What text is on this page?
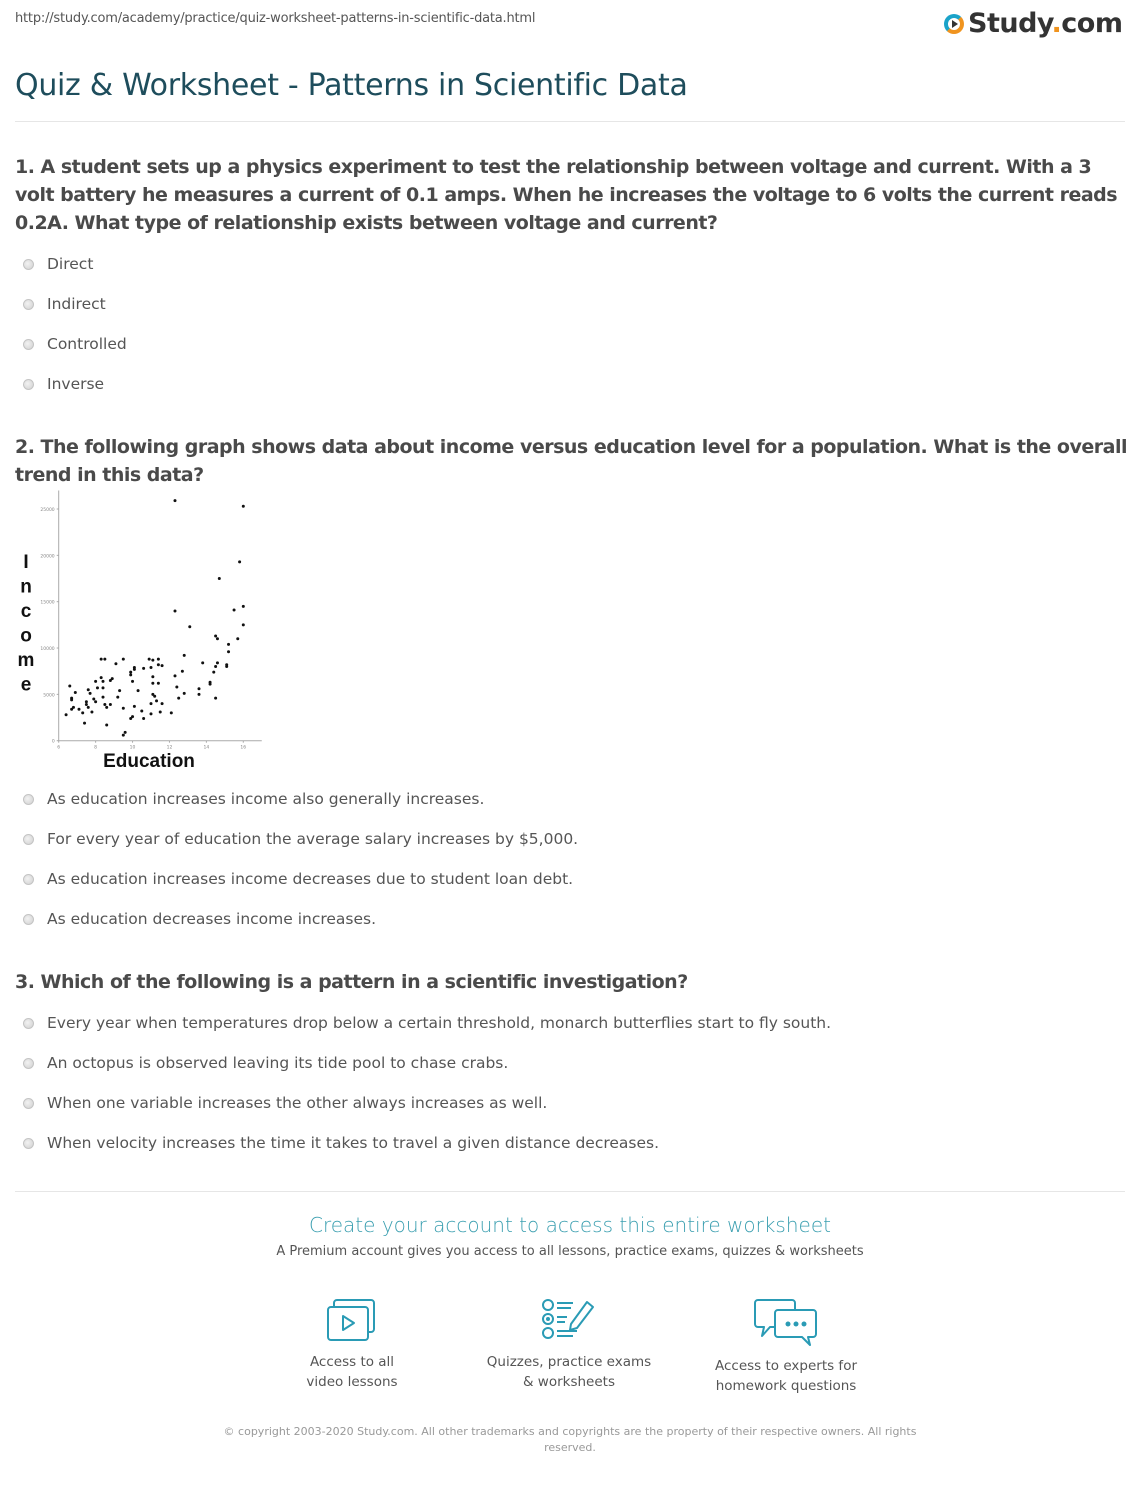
http://study.com/academy/practice/quiz-worksheet-patterns-in-scientific-data.html	Study.com
Quiz & Worksheet - Patterns in Scientific Data
1. A student sets up a physics experiment to test the relationship between voltage and current. With a 3 volt battery he measures a current of 0.1 amps. When he increases the voltage to 6 volts the current reads 0.2A. What type of relationship exists between voltage and current?
Direct
Indirect
Controlled
Inverse
2. The following graph shows data about income versus education level for a population. What is the overall trend in this data?
0
5000
10000
15000
20000
25000
6	8	10	12	14	16
I n c o m e
Education
As education increases income also generally increases.
For every year of education the average salary increases by $5,000.
As education increases income decreases due to student loan debt.
As education decreases income increases.
3. Which of the following is a pattern in a scientific investigation?
Every year when temperatures drop below a certain threshold, monarch butterflies start to fly south.
An octopus is observed leaving its tide pool to chase crabs.
When one variable increases the other always increases as well.
When velocity increases the time it takes to travel a given distance decreases.
Create your account to access this entire worksheet
A Premium account gives you access to all lessons, practice exams, quizzes & worksheets
Access to all
video lessons
Quizzes, practice exams
& worksheets
Access to experts for
homework questions
© copyright 2003-2020 Study.com. All other trademarks and copyrights are the property of their respective owners. All rights reserved.
